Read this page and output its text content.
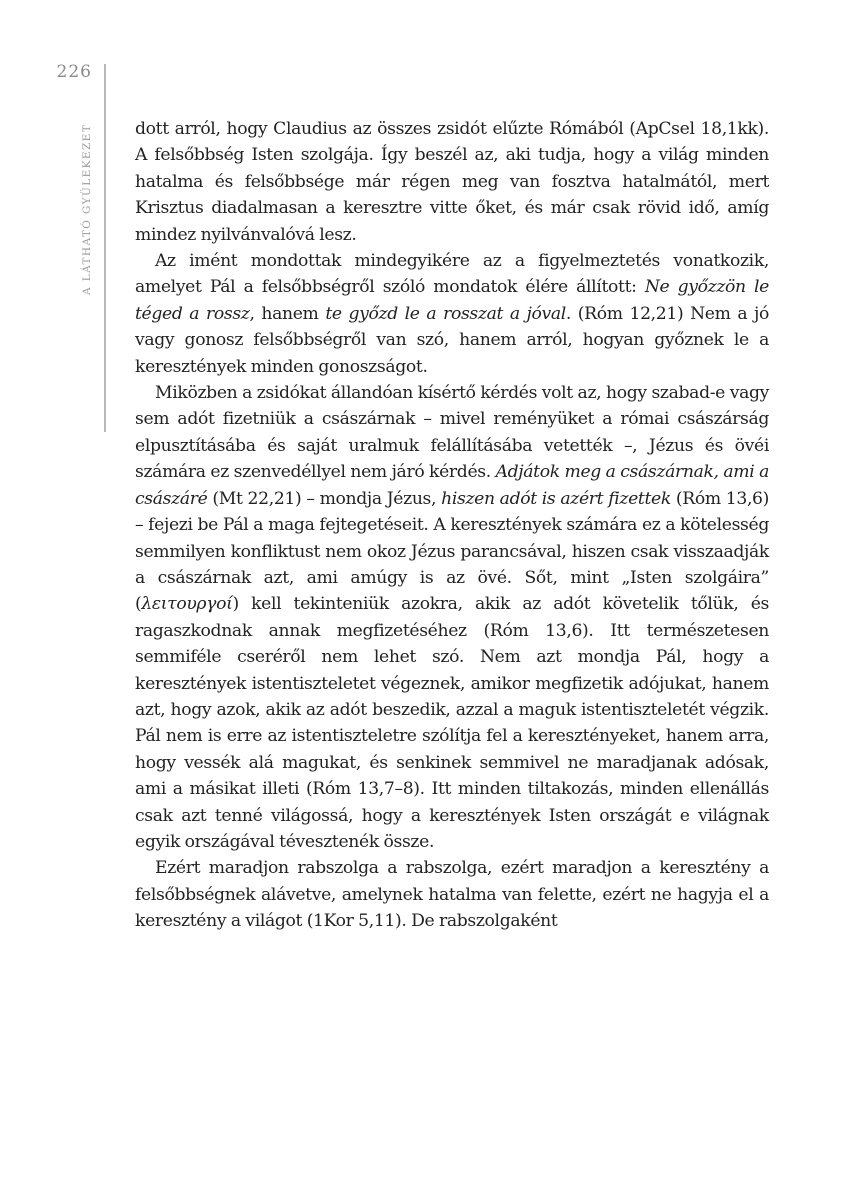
226
A LÁTHATÓ GYÜLEKEZET dott arról, hogy Claudius az összes zsidót elűzte Rómából (ApCsel 18,1kk). A felsőbbség Isten szolgája. Így beszél az, aki tudja, hogy a világ minden hatalma és felsőbbsége már régen meg van fosztva hatalmától, mert Krisztus diadalmasan a keresztre vitte őket, és már csak rövid idő, amíg mindez nyilvánvalóvá lesz.

Az imént mondottak mindegyikére az a figyelmeztetés vonatkozik, amelyet Pál a felsőbbségről szóló mondatok élére állított: Ne győzzön le téged a rossz, hanem te győzd le a rosszat a jóval. (Róm 12,21) Nem a jó vagy gonosz felsőbbségről van szó, hanem arról, hogyan győznek le a keresztények minden gonoszságot.

Miközben a zsidókat állandóan kísértő kérdés volt az, hogy szabad-e vagy sem adót fizetniük a császárnak – mivel reményüket a római császárság elpusztításába és saját uralmuk felállításába vetették –, Jézus és övéi számára ez szenvedéllyel nem járó kérdés. Adjátok meg a császárnak, ami a császáré (Mt 22,21) – mondja Jézus, hiszen adót is azért fizettek (Róm 13,6) – fejezi be Pál a maga fejtegetéseit. A keresztények számára ez a kötelesség semmilyen konfliktust nem okoz Jézus parancsával, hiszen csak visszaadják a császárnak azt, ami amúgy is az övé. Sőt, mint „Isten szolgáira” (λειτουργοί) kell tekinteniük azokra, akik az adót követelik tőlük, és ragaszkodnak annak megfizetéséhez (Róm 13,6). Itt természetesen semmiféle cseréről nem lehet szó. Nem azt mondja Pál, hogy a keresztények istentiszteletet végeznek, amikor megfizetik adójukat, hanem azt, hogy azok, akik az adót beszedik, azzal a maguk istentiszteletét végzik. Pál nem is erre az istentiszteletre szólítja fel a keresztényeket, hanem arra, hogy vessék alá magukat, és senkinek semmivel ne maradjanak adósak, ami a másikat illeti (Róm 13,7–8). Itt minden tiltakozás, minden ellenállás csak azt tenné világossá, hogy a keresztények Isten országát e világnak egyik országával tévesztenék össze.

Ezért maradjon rabszolga a rabszolga, ezért maradjon a keresztény a felsőbbségnek alávetve, amelynek hatalma van felette, ezért ne hagyja el a keresztény a világot (1Kor 5,11). De rabszolgaként
